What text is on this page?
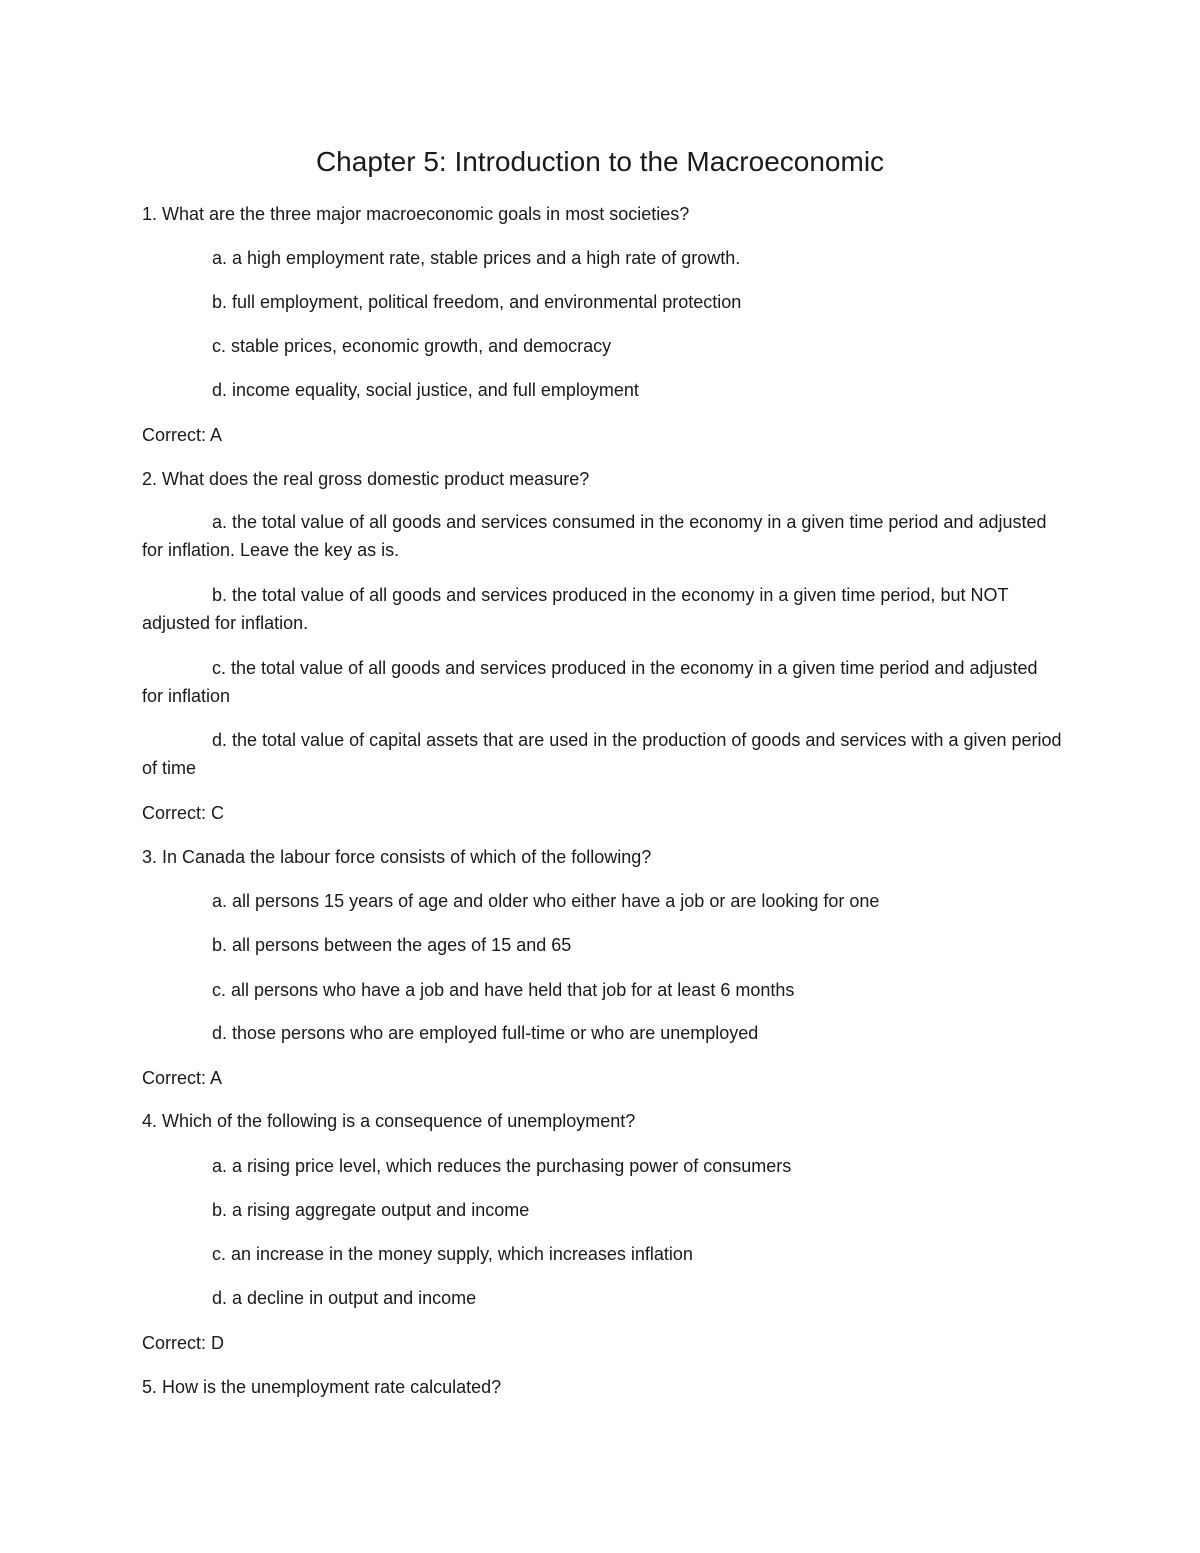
Chapter 5: Introduction to the Macroeconomic

1. What are the three major macroeconomic goals in most societies?

a. a high employment rate, stable prices and a high rate of growth.

b. full employment, political freedom, and environmental protection

c. stable prices, economic growth, and democracy

d. income equality, social justice, and full employment

Correct: A

2. What does the real gross domestic product measure?

a. the total value of all goods and services consumed in the economy in a given time period and adjusted for inflation. Leave the key as is.

b. the total value of all goods and services produced in the economy in a given time period, but NOT adjusted for inflation.

c. the total value of all goods and services produced in the economy in a given time period and adjusted for inflation

d. the total value of capital assets that are used in the production of goods and services with a given period of time

Correct: C

3. In Canada the labour force consists of which of the following?

a. all persons 15 years of age and older who either have a job or are looking for one

b. all persons between the ages of 15 and 65

c. all persons who have a job and have held that job for at least 6 months

d. those persons who are employed full-time or who are unemployed

Correct: A

4. Which of the following is a consequence of unemployment?

a. a rising price level, which reduces the purchasing power of consumers

b. a rising aggregate output and income

c. an increase in the money supply, which increases inflation

d. a decline in output and income

Correct: D

5. How is the unemployment rate calculated?
